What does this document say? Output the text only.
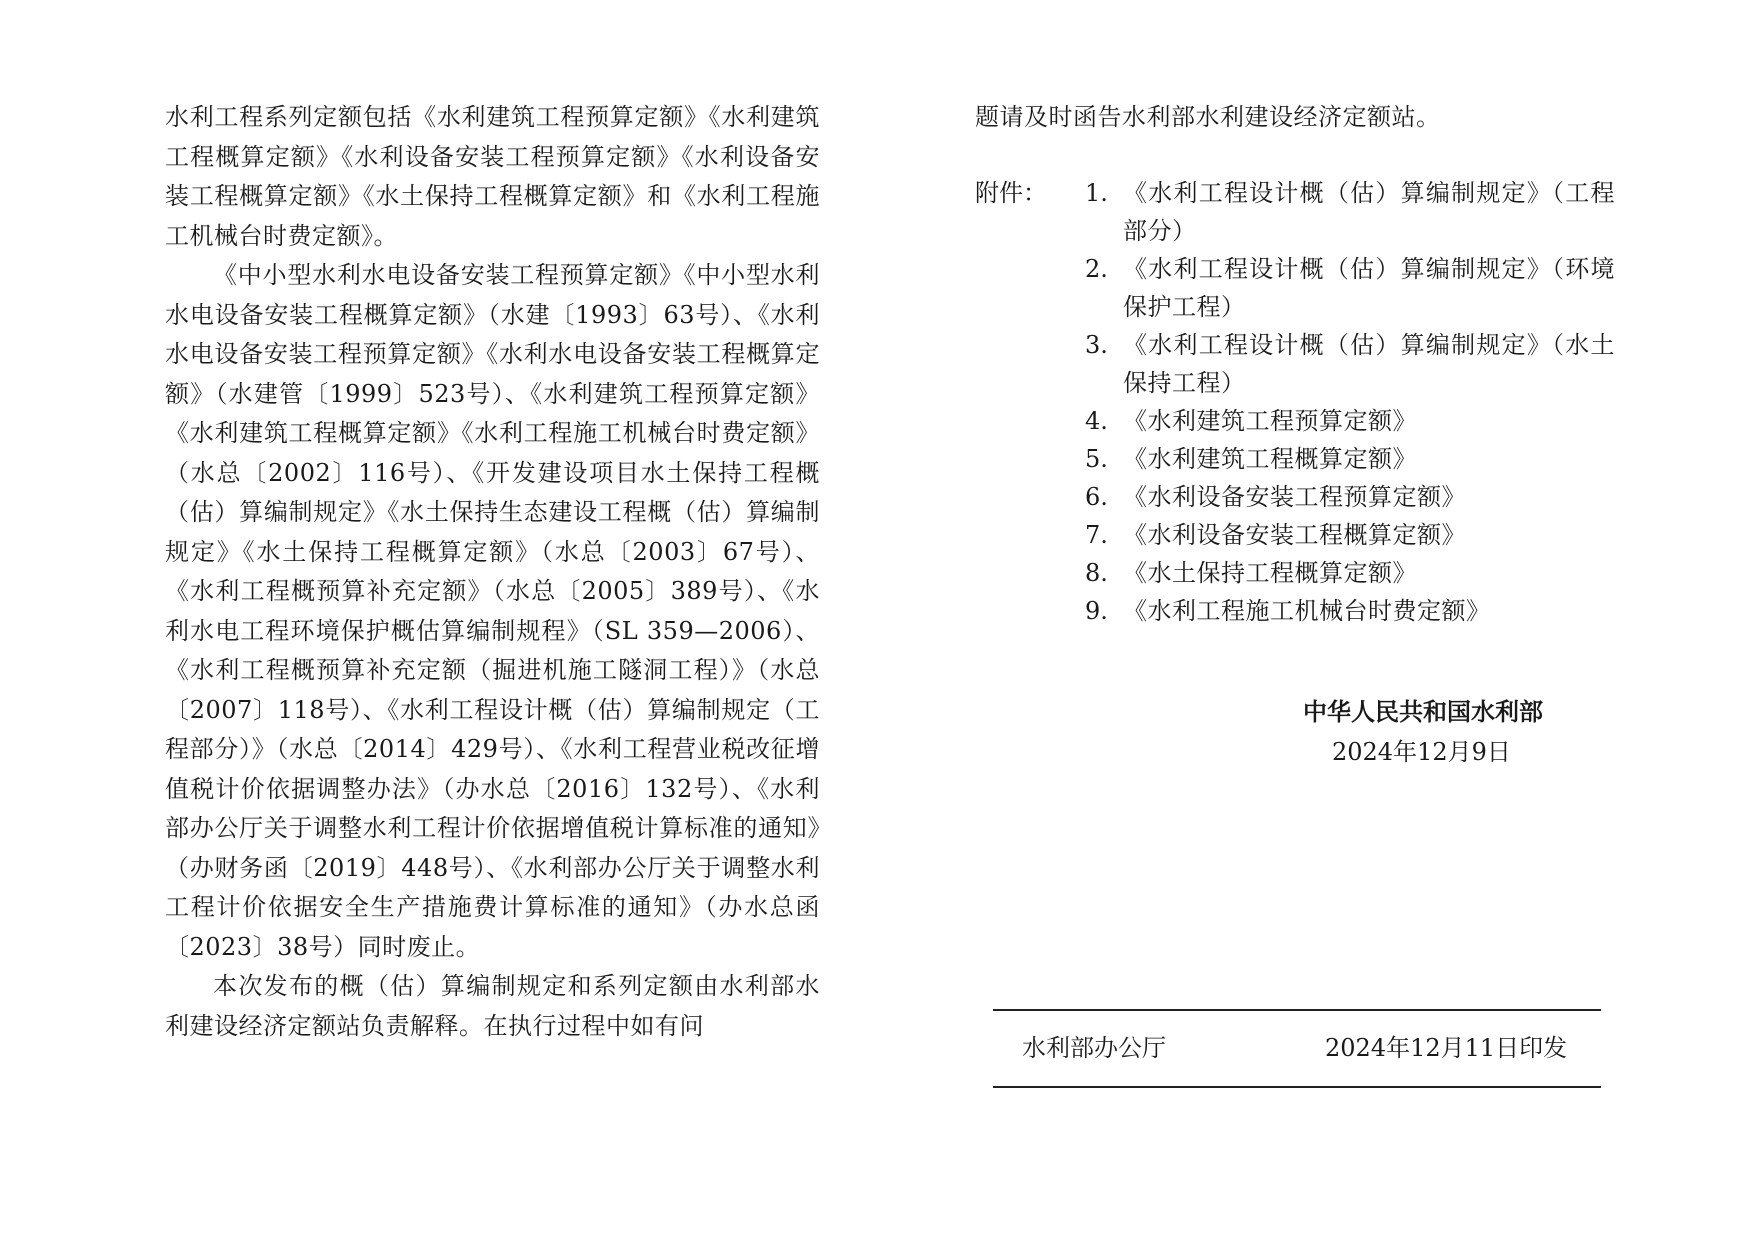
水利工程系列定额包括《水利建筑工程预算定额》《水利建筑工程概算定额》《水利设备安装工程预算定额》《水利设备安装工程概算定额》《水土保持工程概算定额》和《水利工程施工机械台时费定额》。

《中小型水利水电设备安装工程预算定额》《中小型水利水电设备安装工程概算定额》（水建〔1993〕63号）、《水利水电设备安装工程预算定额》《水利水电设备安装工程概算定额》（水建管〔1999〕523号）、《水利建筑工程预算定额》《水利建筑工程概算定额》《水利工程施工机械台时费定额》（水总〔2002〕116号）、《开发建设项目水土保持工程概（估）算编制规定》《水土保持生态建设工程概（估）算编制规定》《水土保持工程概算定额》（水总〔2003〕67号）、《水利工程概预算补充定额》（水总〔2005〕389号）、《水利水电工程环境保护概估算编制规程》（SL 359—2006）、《水利工程概预算补充定额（掘进机施工隧洞工程）》（水总〔2007〕118号）、《水利工程设计概（估）算编制规定（工程部分）》（水总〔2014〕429号）、《水利工程营业税改征增值税计价依据调整办法》（办水总〔2016〕132号）、《水利部办公厅关于调整水利工程计价依据增值税计算标准的通知》（办财务函〔2019〕448号）、《水利部办公厅关于调整水利工程计价依据安全生产措施费计算标准的通知》（办水总函〔2023〕38号）同时废止。

本次发布的概（估）算编制规定和系列定额由水利部水利建设经济定额站负责解释。在执行过程中如有问

题请及时函告水利部水利建设经济定额站。

附件：	1. 《水利工程设计概（估）算编制规定》（工程部分）
2. 《水利工程设计概（估）算编制规定》（环境保护工程）
3. 《水利工程设计概（估）算编制规定》（水土保持工程）
4. 《水利建筑工程预算定额》
5. 《水利建筑工程概算定额》
6. 《水利设备安装工程预算定额》
7. 《水利设备安装工程概算定额》
8. 《水土保持工程概算定额》
9. 《水利工程施工机械台时费定额》
中华人民共和国水利部
2024年12月9日
水利部办公厅	2024年12月11日印发
